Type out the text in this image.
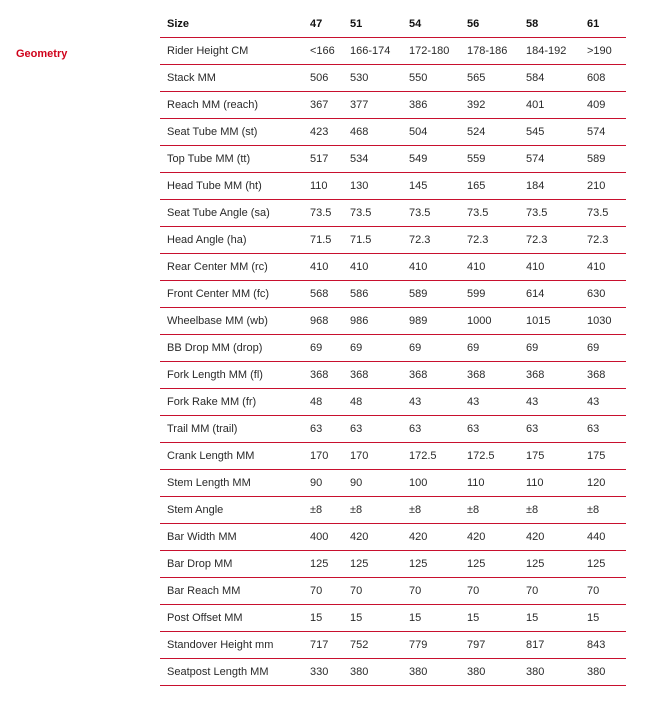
Geometry
Size	47	51	54	56	58	61
Rider Height CM	<166	166-174	172-180	178-186	184-192	>190
Stack MM	506	530	550	565	584	608
Reach MM (reach)	367	377	386	392	401	409
Seat Tube MM (st)	423	468	504	524	545	574
Top Tube MM (tt)	517	534	549	559	574	589
Head Tube MM (ht)	110	130	145	165	184	210
Seat Tube Angle (sa)	73.5	73.5	73.5	73.5	73.5	73.5
Head Angle (ha)	71.5	71.5	72.3	72.3	72.3	72.3
Rear Center MM (rc)	410	410	410	410	410	410
Front Center MM (fc)	568	586	589	599	614	630
Wheelbase MM (wb)	968	986	989	1000	1015	1030
BB Drop MM (drop)	69	69	69	69	69	69
Fork Length MM (fl)	368	368	368	368	368	368
Fork Rake MM (fr)	48	48	43	43	43	43
Trail MM (trail)	63	63	63	63	63	63
Crank Length MM	170	170	172.5	172.5	175	175
Stem Length MM	90	90	100	110	110	120
Stem Angle	±8	±8	±8	±8	±8	±8
Bar Width MM	400	420	420	420	420	440
Bar Drop MM	125	125	125	125	125	125
Bar Reach MM	70	70	70	70	70	70
Post Offset MM	15	15	15	15	15	15
Standover Height mm	717	752	779	797	817	843
Seatpost Length MM	330	380	380	380	380	380
